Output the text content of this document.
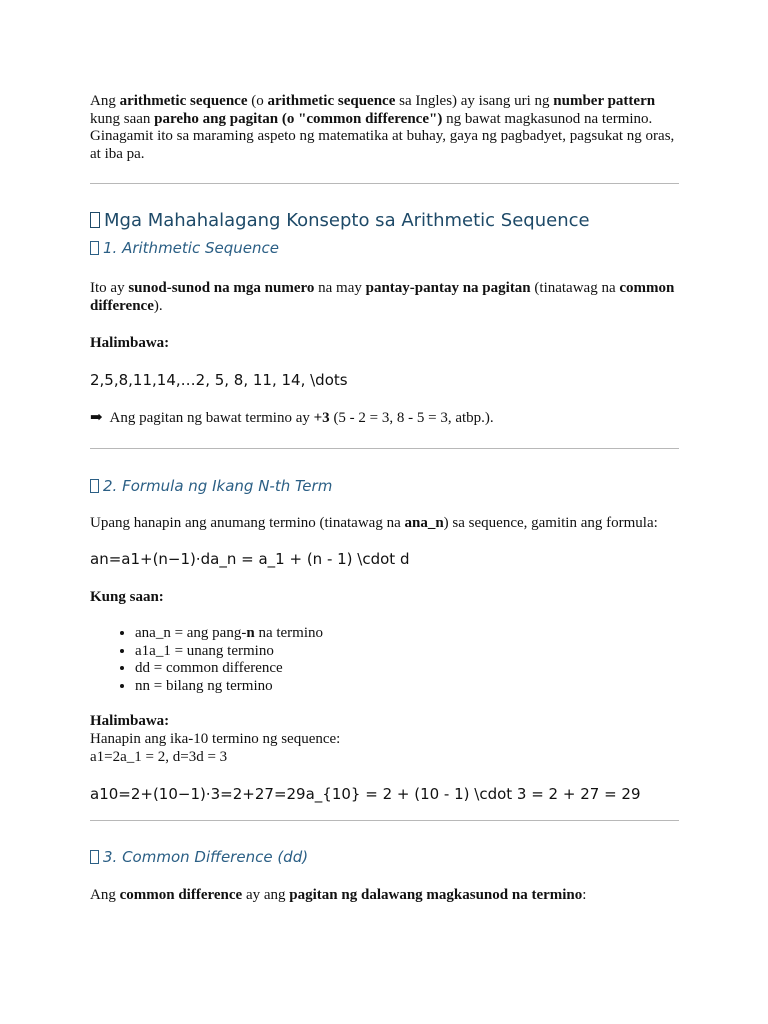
Ang arithmetic sequence (o arithmetic sequence sa Ingles) ay isang uri ng number pattern kung saan pareho ang pagitan (o "common difference") ng bawat magkasunod na termino. Ginagamit ito sa maraming aspeto ng matematika at buhay, gaya ng pagbadyet, pagsukat ng oras, at iba pa.

Mga Mahahalagang Konsepto sa Arithmetic Sequence
1. Arithmetic Sequence

Ito ay sunod-sunod na mga numero na may pantay-pantay na pagitan (tinatawag na common difference).

Halimbawa:

2,5,8,11,14,…2, 5, 8, 11, 14, \dots

➡ Ang pagitan ng bawat termino ay +3 (5 - 2 = 3, 8 - 5 = 3, atbp.).

2. Formula ng Ikang N-th Term

Upang hanapin ang anumang termino (tinatawag na ana_n) sa sequence, gamitin ang formula:

an=a1+(n−1)⋅da_n = a_1 + (n - 1) \cdot d

Kung saan:

• ana_n = ang pang-n na termino
• a1a_1 = unang termino
• dd = common difference
• nn = bilang ng termino

Halimbawa:
Hanapin ang ika-10 termino ng sequence:
a1=2a_1 = 2, d=3d = 3

a10=2+(10−1)⋅3=2+27=29a_{10} = 2 + (10 - 1) \cdot 3 = 2 + 27 = 29

3. Common Difference (dd)

Ang common difference ay ang pagitan ng dalawang magkasunod na termino:
